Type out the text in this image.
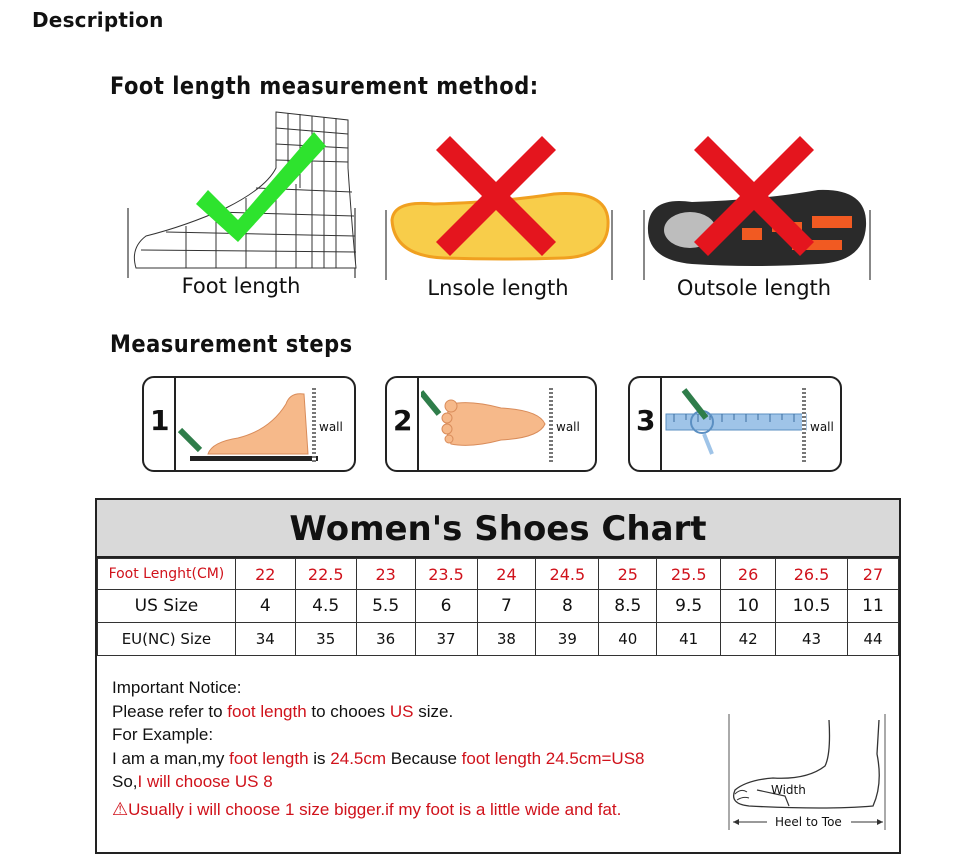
Description
Foot length measurement method:
Foot length	Lnsole length	Outsole length
Measurement steps
1	wall 2	wall 3	wall
Women's Shoes Chart
Foot Lenght(CM)	22	22.5	23	23.5	24	24.5	25	25.5	26	26.5	27
US Size	4	4.5	5.5	6	7	8	8.5	9.5	10	10.5	11
EU(NC) Size	34	35	36	37	38	39	40	41	42	43	44
Important Notice:
Please refer to foot length to chooes US size.
For Example:
I am a man,my foot length is 24.5cm Because foot length 24.5cm=US8
So,I will choose US 8
⚠Usually i will choose 1 size bigger.if my foot is a little wide and fat.
Width
Heel to Toe
